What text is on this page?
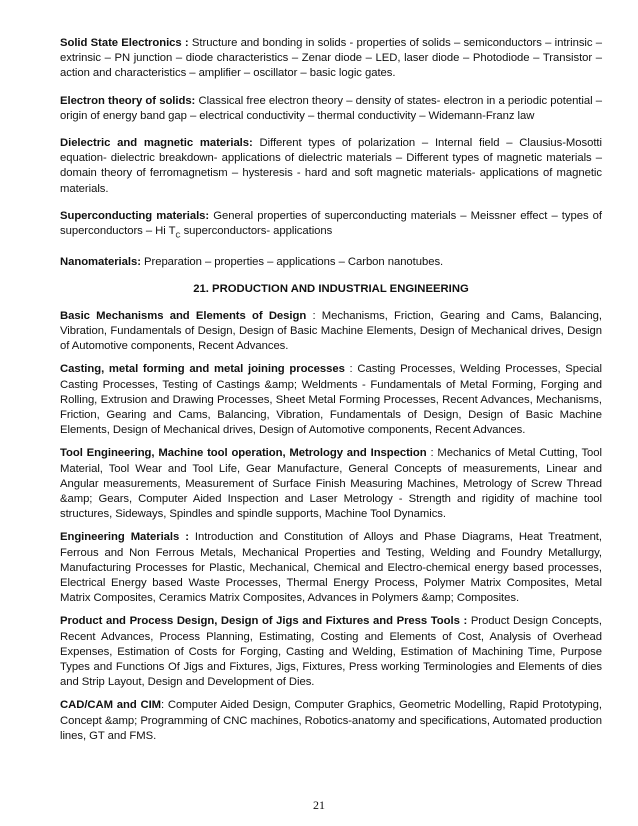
Solid State Electronics : Structure and bonding in solids - properties of solids – semiconductors – intrinsic – extrinsic – PN junction – diode characteristics – Zenar diode – LED, laser diode – Photodiode – Transistor – action and characteristics – amplifier – oscillator – basic logic gates.

Electron theory of solids: Classical free electron theory – density of states- electron in a periodic potential – origin of energy band gap – electrical conductivity – thermal conductivity – Widemann-Franz law

Dielectric and magnetic materials: Different types of polarization – Internal field – Clausius-Mosotti equation- dielectric breakdown- applications of dielectric materials – Different types of magnetic materials – domain theory of ferromagnetism – hysteresis - hard and soft magnetic materials- applications of magnetic materials.

Superconducting materials: General properties of superconducting materials – Meissner effect – types of superconductors – Hi $T_C$ superconductors- applications

Nanomaterials: Preparation – properties – applications – Carbon nanotubes.

21. PRODUCTION AND INDUSTRIAL ENGINEERING

Basic Mechanisms and Elements of Design : Mechanisms, Friction, Gearing and Cams, Balancing, Vibration, Fundamentals of Design, Design of Basic Machine Elements, Design of Mechanical drives, Design of Automotive components, Recent Advances.

Casting, metal forming and metal joining processes : Casting Processes, Welding Processes, Special Casting Processes, Testing of Castings &amp; Weldments - Fundamentals of Metal Forming, Forging and Rolling, Extrusion and Drawing Processes, Sheet Metal Forming Processes, Recent Advances, Mechanisms, Friction, Gearing and Cams, Balancing, Vibration, Fundamentals of Design, Design of Basic Machine Elements, Design of Mechanical drives, Design of Automotive components, Recent Advances.

Tool Engineering, Machine tool operation, Metrology and Inspection : Mechanics of Metal Cutting, Tool Material, Tool Wear and Tool Life, Gear Manufacture, General Concepts of measurements, Linear and Angular measurements, Measurement of Surface Finish Measuring Machines, Metrology of Screw Thread &amp; Gears, Computer Aided Inspection and Laser Metrology - Strength and rigidity of machine tool structures, Sideways, Spindles and spindle supports, Machine Tool Dynamics.

Engineering Materials : Introduction and Constitution of Alloys and Phase Diagrams, Heat Treatment, Ferrous and Non Ferrous Metals, Mechanical Properties and Testing, Welding and Foundry Metallurgy, Manufacturing Processes for Plastic, Mechanical, Chemical and Electro-chemical energy based processes, Electrical Energy based Waste Processes, Thermal Energy Process, Polymer Matrix Composites, Metal Matrix Composites, Ceramics Matrix Composites, Advances in Polymers &amp; Composites.

Product and Process Design, Design of Jigs and Fixtures and Press Tools : Product Design Concepts, Recent Advances, Process Planning, Estimating, Costing and Elements of Cost, Analysis of Overhead Expenses, Estimation of Costs for Forging, Casting and Welding, Estimation of Machining Time, Purpose Types and Functions Of Jigs and Fixtures, Jigs, Fixtures, Press working Terminologies and Elements of dies and Strip Layout, Design and Development of Dies.

CAD/CAM and CIM: Computer Aided Design, Computer Graphics, Geometric Modelling, Rapid Prototyping, Concept &amp; Programming of CNC machines, Robotics-anatomy and specifications, Automated production lines, GT and FMS.

21
